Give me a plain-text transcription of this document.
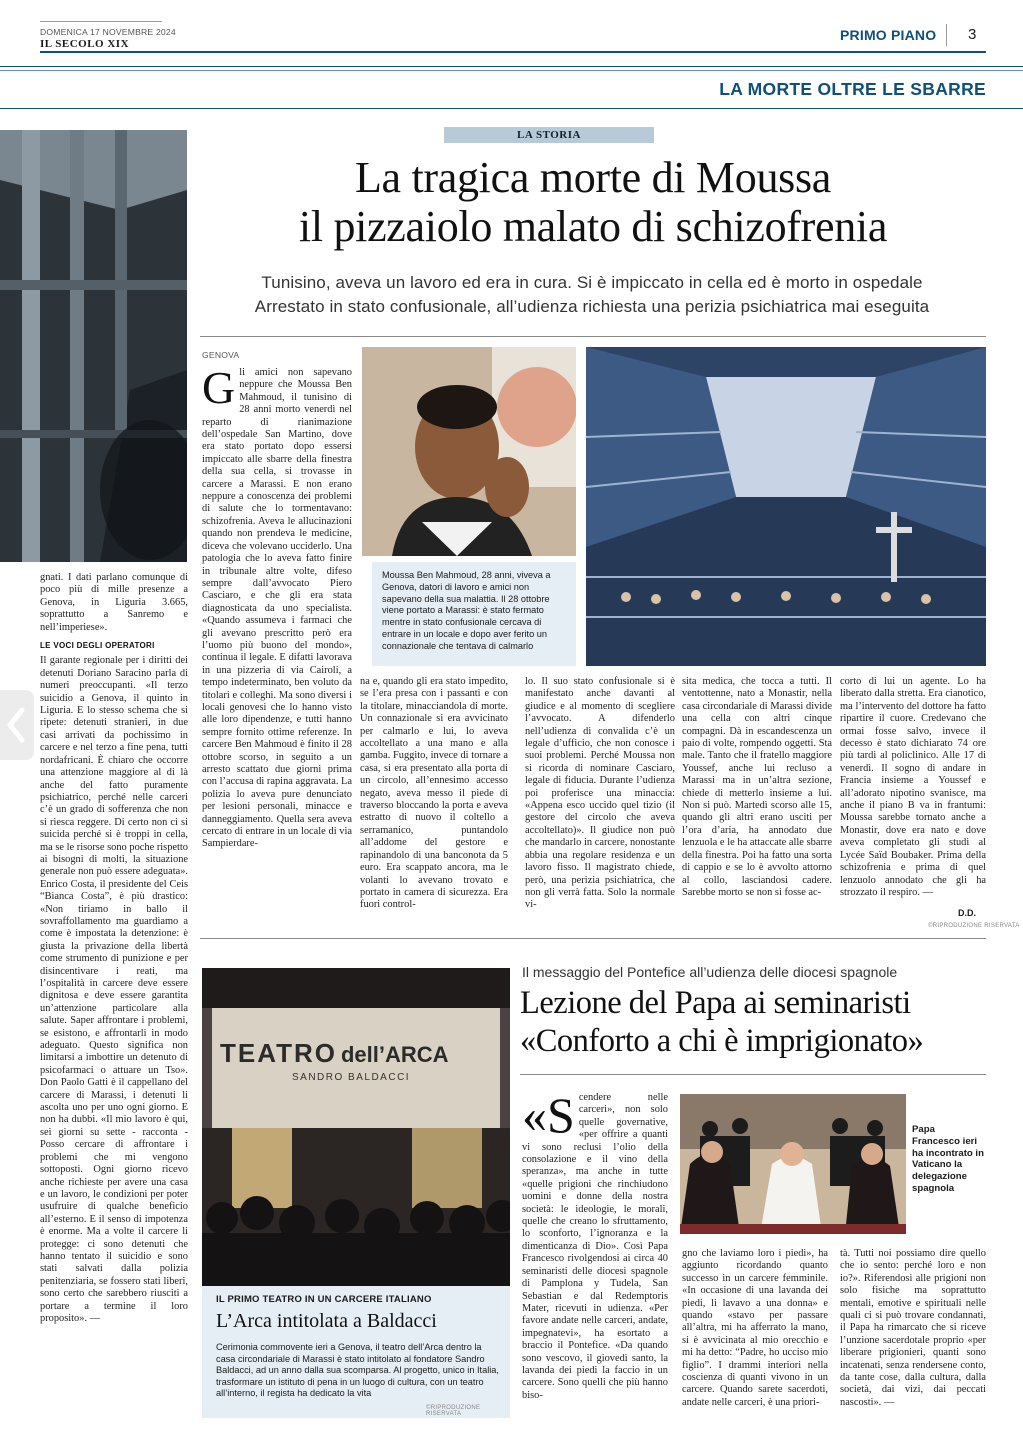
DOMENICA 17 NOVEMBRE 2024
IL SECOLO XIX
PRIMO PIANO 3
LA MORTE OLTRE LE SBARRE

gnati. I dati parlano comunque di poco più di mille presenze a Genova, in Liguria 3.665, soprattutto a Sanremo e nell’imperiese».

LE VOCI DEGLI OPERATORI

Il garante regionale per i diritti dei detenuti Doriano Saracino parla di numeri preoccupanti. «Il terzo suicidio a Genova, il quinto in Liguria. E lo stesso schema che si ripete: detenuti stranieri, in due casi arrivati da pochissimo in carcere e nel terzo a fine pena, tutti nordafricani. È chiaro che occorre una attenzione maggiore al di là anche del fatto puramente psichiatrico, perché nelle carceri c’è un grado di sofferenza che non si riesca reggere. Di certo non ci si suicida perché si è troppi in cella, ma se le risorse sono poche rispetto ai bisogni di molti, la situazione generale non può essere adeguata». Enrico Costa, il presidente del Ceis “Bianca Costa”, è più drastico: «Non tiriamo in ballo il sovraffollamento ma guardiamo a come è impostata la detenzione: è giusta la privazione della libertà come strumento di punizione e per disincentivare i reati, ma l’ospitalità in carcere deve essere dignitosa e deve essere garantita un’attenzione particolare alla salute. Saper affrontare i problemi, se esistono, e affrontarli in modo adeguato. Questo significa non limitarsi a imbottire un detenuto di psicofarmaci o attuare un Tso». Don Paolo Gatti è il cappellano del carcere di Marassi, i detenuti li ascolta uno per uno ogni giorno. E non ha dubbi. «Il mio lavoro è qui, sei giorni su sette - racconta - Posso cercare di affrontare i problemi che mi vengono sottoposti. Ogni giorno ricevo anche richieste per avere una casa e un lavoro, le condizioni per poter usufruire di qualche beneficio all’esterno. E il senso di impotenza è enorme. Ma a volte il carcere li protegge: ci sono detenuti che hanno tentato il suicidio e sono stati salvati dalla polizia penitenziaria, se fossero stati liberi, sono certo che sarebbero riusciti a portare a termine il loro proposito». —

LA STORIA
La tragica morte di Moussa
il pizzaiolo malato di schizofrenia
Tunisino, aveva un lavoro ed era in cura. Si è impiccato in cella ed è morto in ospedale
Arrestato in stato confusionale, all’udienza richiesta una perizia psichiatrica mai eseguita
GENOVA
G li amici non sapevano neppure che Moussa Ben Mahmoud, il tunisino di 28 anni morto venerdì nel reparto di rianimazione dell’ospedale San Martino, dove era stato portato dopo essersi impiccato alle sbarre della finestra della sua cella, si trovasse in carcere a Marassi. E non erano neppure a conoscenza dei problemi di salute che lo tormentavano: schizofrenia. Aveva le allucinazioni quando non prendeva le medicine, diceva che volevano ucciderlo. Una patologia che lo aveva fatto finire in tribunale altre volte, difeso sempre dall’avvocato Piero Casciaro, e che gli era stata diagnosticata da uno specialista. «Quando assumeva i farmaci che gli avevano prescritto però era l’uomo più buono del mondo», continua il legale. E difatti lavorava in una pizzeria di via Cairoli, a tempo indeterminato, ben voluto da titolari e colleghi. Ma sono diversi i locali genovesi che lo hanno visto alle loro dipendenze, e tutti hanno sempre fornito ottime referenze. In carcere Ben Mahmoud è finito il 28 ottobre scorso, in seguito a un arresto scattato due giorni prima con l’accusa di rapina aggravata. La polizia lo aveva pure denunciato per lesioni personali, minacce e danneggiamento. Quella sera aveva cercato di entrare in un locale di via Sampierdare-

Moussa Ben Mahmoud, 28 anni, viveva a Genova, datori di lavoro e amici non sapevano della sua malattia. Il 28 ottobre viene portato a Marassi: è stato fermato mentre in stato confusionale cercava di entrare in un locale e dopo aver ferito un connazionale che tentava di calmarlo
na e, quando gli era stato impedito, se l’era presa con i passanti e con la titolare, minacciandola di morte. Un connazionale si era avvicinato per calmarlo e lui, lo aveva accoltellato a una mano e alla gamba. Fuggito, invece di tornare a casa, si era presentato alla porta di un circolo, all’ennesimo accesso negato, aveva messo il piede di traverso bloccando la porta e aveva estratto di nuovo il coltello a serramanico, puntandolo all’addome del gestore e rapinandolo di una banconota da 5 euro. Era scappato ancora, ma le volanti lo avevano trovato e portato in camera di sicurezza. Era fuori control-
lo. Il suo stato confusionale si è manifestato anche davanti al giudice e al momento di scegliere l’avvocato. A difenderlo nell’udienza di convalida c’è un legale d’ufficio, che non conosce i suoi problemi. Perché Moussa non si ricorda di nominare Casciaro, legale di fiducia. Durante l’udienza poi proferisce una minaccia: «Appena esco uccido quel tizio (il gestore del circolo che aveva accoltellato)». Il giudice non può che mandarlo in carcere, nonostante abbia una regolare residenza e un lavoro fisso. Il magistrato chiede, però, una perizia psichiatrica, che non gli verrà fatta. Solo la normale vi-
sita medica, che tocca a tutti. Il ventottenne, nato a Monastir, nella casa circondariale di Marassi divide una cella con altri cinque compagni. Dà in escandescenza un paio di volte, rompendo oggetti. Sta male. Tanto che il fratello maggiore Youssef, anche lui recluso a Marassi ma in un’altra sezione, chiede di metterlo insieme a lui. Non si può. Martedì scorso alle 15, quando gli altri erano usciti per l’ora d’aria, ha annodato due lenzuola e le ha attaccate alle sbarre della finestra. Poi ha fatto una sorta di cappio e se lo è avvolto attorno al collo, lasciandosi cadere. Sarebbe morto se non si fosse ac-
corto di lui un agente. Lo ha liberato dalla stretta. Era cianotico, ma l’intervento del dottore ha fatto ripartire il cuore. Credevano che ormai fosse salvo, invece il decesso è stato dichiarato 74 ore più tardi al policlinico. Alle 17 di venerdì. Il sogno di andare in Francia insieme a Youssef e all’adorato nipotino svanisce, ma anche il piano B va in frantumi: Moussa sarebbe tornato anche a Monastir, dove era nato e dove aveva completato gli studi al Lycée Saïd Boubaker. Prima della schizofrenia e prima di quel lenzuolo annodato che gli ha strozzato il respiro. —
D.D.
©RIPRODUZIONE RISERVATA
TEATRO dell’ARCA
SANDRO BALDACCI
IL PRIMO TEATRO IN UN CARCERE ITALIANO
L’Arca intitolata a Baldacci
Cerimonia commovente ieri a Genova, il teatro dell’Arca dentro la casa circondariale di Marassi è stato intitolato al fondatore Sandro Baldacci, ad un anno dalla sua scomparsa. Al progetto, unico in Italia, trasformare un istituto di pena in un luogo di cultura, con un teatro all’interno, il regista ha dedicato la vita
©RIPRODUZIONE RISERVATA
Il messaggio del Pontefice all’udienza delle diocesi spagnole
Lezione del Papa ai seminaristi
«Conforto a chi è imprigionato»
«S cendere nelle carceri», non solo quelle governative, «per offrire a quanti vi sono reclusi l’olio della consolazione e il vino della speranza», ma anche in tutte «quelle prigioni che rinchiudono uomini e donne della nostra società: le ideologie, le morali, quelle che creano lo sfruttamento, lo sconforto, l’ignoranza e la dimenticanza di Dio». Così Papa Francesco rivolgendosi ai circa 40 seminaristi delle diocesi spagnole di Pamplona y Tudela, San Sebastian e dal Redemptoris Mater, ricevuti in udienza. «Per favore andate nelle carceri, andate, impegnatevi», ha esortato a braccio il Pontefice. «Da quando sono vescovo, il giovedì santo, la lavanda dei piedi la faccio in un carcere. Sono quelli che più hanno biso-

Papa Francesco ieri ha incontrato in Vaticano la delegazione spagnola
gno che laviamo loro i piedi», ha aggiunto ricordando quanto successo in un carcere femminile. «In occasione di una lavanda dei piedi, li lavavo a una donna» e quando «stavo per passare all’altra, mi ha afferrato la mano, si è avvicinata al mio orecchio e mi ha detto: “Padre, ho ucciso mio figlio”. I drammi interiori nella coscienza di quanti vivono in un carcere. Quando sarete sacerdoti, andate nelle carceri, è una priori-
tà. Tutti noi possiamo dire quello che io sento: perché loro e non io?». Riferendosi alle prigioni non solo fisiche ma soprattutto mentali, emotive e spirituali nelle quali ci si può trovare condannati, il Papa ha rimarcato che si riceve l’unzione sacerdotale proprio «per liberare prigionieri, quanti sono incatenati, senza rendersene conto, da tante cose, dalla cultura, dalla società, dai vizi, dai peccati nascosti». —
